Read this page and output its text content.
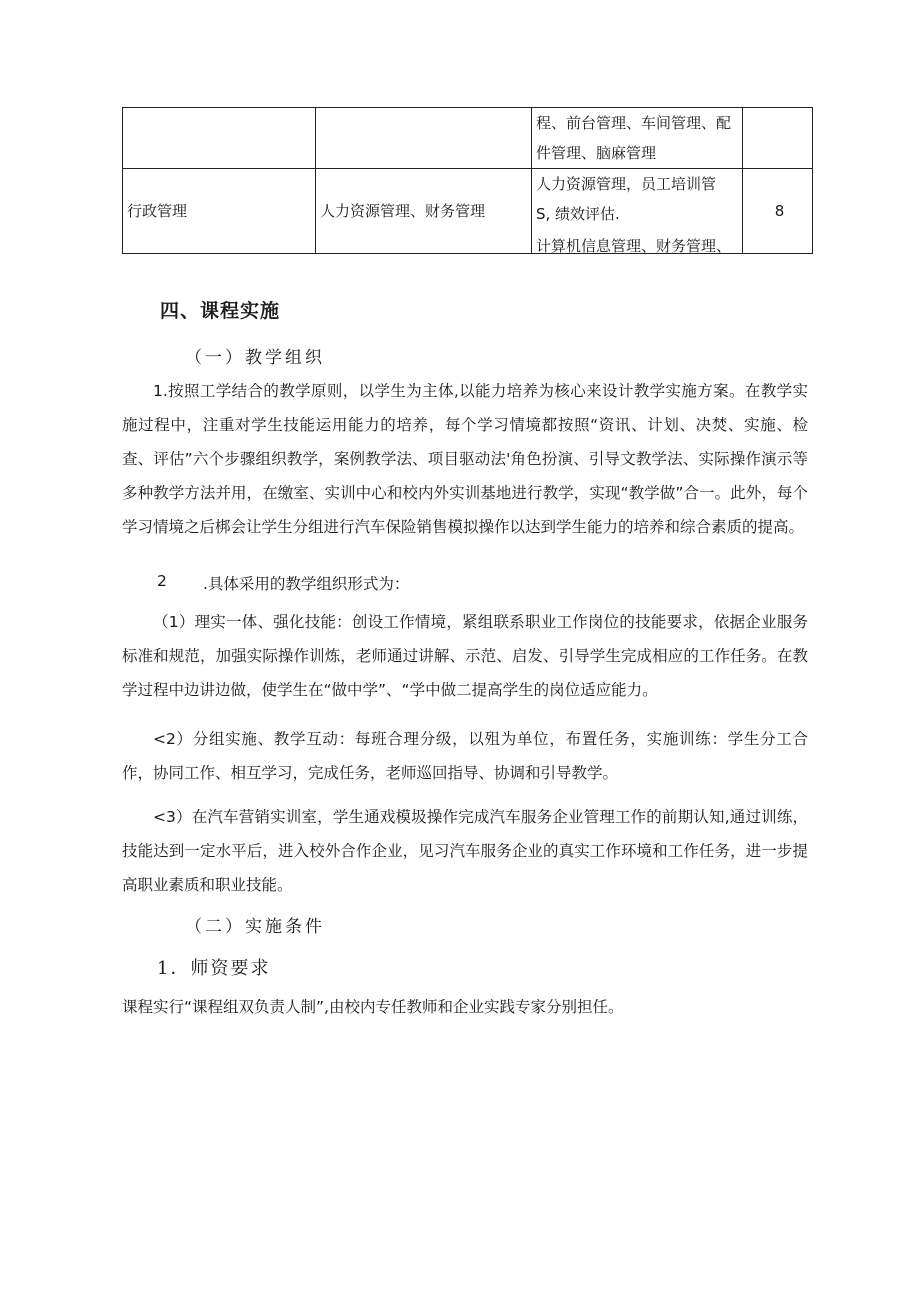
		程、前台管理、车间管理、配
件管理、脑麻管理	

行政管理	人力资源管理、财务管理	人力资源管理，员工培训管
S, 绩效评估.
计算机信息管理、财务管理、	8
四、课程实施
（一）教学组织

1.按照工学结合的教学原则，以学生为主体,以能力培养为核心来设计教学实施方案。在教学实施过程中，注重对学生技能运用能力的培养，每个学习情境都按照“资讯、计划、决焚、实施、检查、评估”六个步骤组织教学，案例教学法、项目驱动法'角色扮演、引导文教学法、实际操作演示等多种教学方法并用，在缴室、实训中心和校内外实训基地进行教学，实现“教学做”合一。此外，每个学习情境之后梆会让学生分组进行汽车保险销售模拟操作以达到学生能力的培养和综合素质的提高。

2 .具体采用的教学组织形式为：

（1）理实一体、强化技能：创设工作情境，紧组联系职业工作岗位的技能要求，依据企业服务标准和规范，加强实际操作训炼，老师通过讲解、示范、启发、引导学生完成相应的工作任务。在教学过程中边讲边做，使学生在“做中学”、“学中做二提高学生的岗位适应能力。

<2）分组实施、教学互动：每班合理分级，以殂为单位，布置任务，实施训练：学生分工合作，协同工作、相互学习，完成任务，老师巡回指导、协调和引导教学。

<3）在汽车营销实训室，学生通戏模圾操作完成汽车服务企业管理工作的前期认知,通过训练，技能达到一定水平后，进入校外合作企业，见习汽车服务企业的真实工作环境和工作任务，进一步提高职业素质和职业技能。

（二）实施条件
1．师资要求

课程实行“课程组双负责人制”,由校内专任教师和企业实践专家分别担任。
